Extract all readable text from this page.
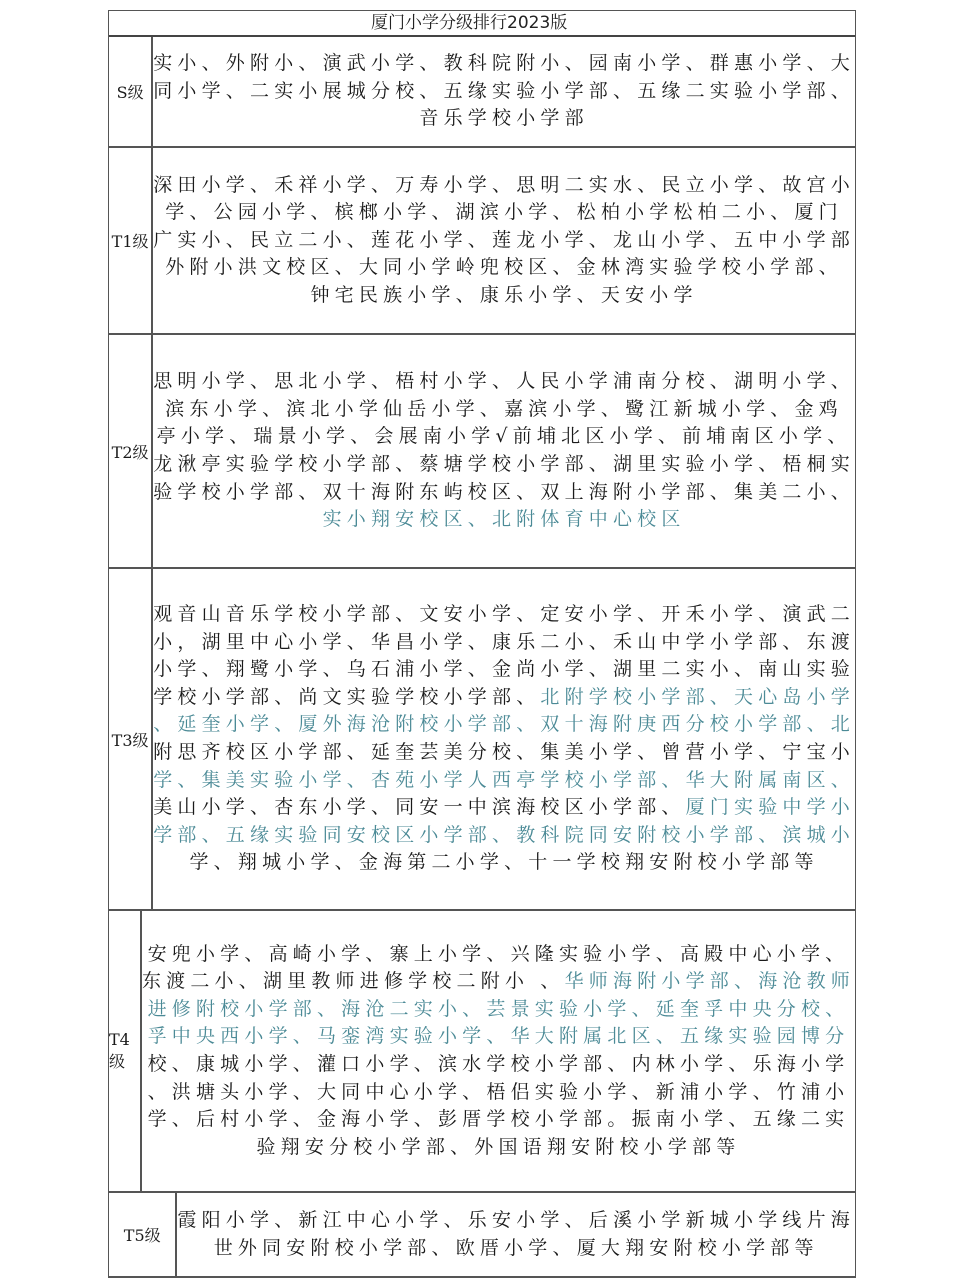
厦门小学分级排行2023版
S级
实小、外附小、演武小学、教科院附小、园南小学、群惠小学、大
同小学、二实小展城分校、五缘实验小学部、五缘二实验小学部、
音乐学校小学部
T1级
深田小学、禾祥小学、万寿小学、思明二实水、民立小学、故宫小
学、公园小学、槟榔小学、湖滨小学、松柏小学松柏二小、厦门
广实小、民立二小、莲花小学、莲龙小学、龙山小学、五中小学部
外附小洪文校区、大同小学岭兜校区、金林湾实验学校小学部、
钟宅民族小学、康乐小学、天安小学
T2级
思明小学、思北小学、梧村小学、人民小学浦南分校、湖明小学、
滨东小学、滨北小学仙岳小学、嘉滨小学、鹭江新城小学、金鸡
亭小学、瑞景小学、会展南小学√前埔北区小学、前埔南区小学、
龙湫亭实验学校小学部、蔡塘学校小学部、湖里实验小学、梧桐实
验学校小学部、双十海附东屿校区、双上海附小学部、集美二小、
实小翔安校区、北附体育中心校区
T3级
观音山音乐学校小学部、文安小学、定安小学、开禾小学、演武二
小，湖里中心小学、华昌小学、康乐二小、禾山中学小学部、东渡
小学、翔鹭小学、乌石浦小学、金尚小学、湖里二实小、南山实验
学校小学部、尚文实验学校小学部、北附学校小学部、天心岛小学
、延奎小学、厦外海沧附校小学部、双十海附庚西分校小学部、北
附思齐校区小学部、延奎芸美分校、集美小学、曾营小学、宁宝小
学、集美实验小学、杏苑小学人西亭学校小学部、华大附属南区、
美山小学、杏东小学、同安一中滨海校区小学部、厦门实验中学小
学部、五缘实验同安校区小学部、教科院同安附校小学部、滨城小
学、翔城小学、金海第二小学、十一学校翔安附校小学部等
T4级
安兜小学、高崎小学、寨上小学、兴隆实验小学、高殿中心小学、
东渡二小、湖里教师进修学校二附小 、华师海附小学部、海沧教师
进修附校小学部、海沧二实小、芸景实验小学、延奎孚中央分校、
孚中央西小学、马銮湾实验小学、华大附属北区、五缘实验园博分
校、康城小学、灌口小学、滨水学校小学部、内林小学、乐海小学
、洪塘头小学、大同中心小学、梧侣实验小学、新浦小学、竹浦小
学、后村小学、金海小学、彭厝学校小学部。振南小学、五缘二实
验翔安分校小学部、外国语翔安附校小学部等
T5级
霞阳小学、新江中心小学、乐安小学、后溪小学新城小学线片海
世外同安附校小学部、欧厝小学、厦大翔安附校小学部等
